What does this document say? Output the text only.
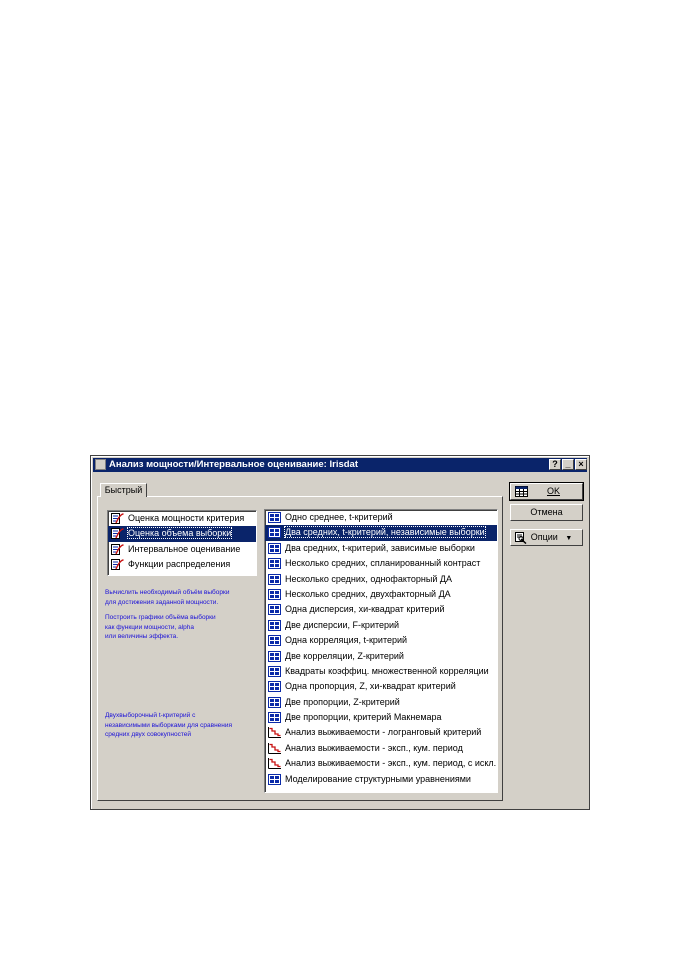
Анализ мощности/Интервальное оценивание: Irisdat	? _ ×
Быстрый
Оценка мощности критерия
Оценка объема выборки
Интервальное оценивание
Функции распределения
Вычислить необходимый объём выборки
для достижения заданной мощности.
Построить графики объёма выборки
как функции мощности, alpha
или величины эффекта.
Двухвыборочный t-критерий с
независимыми выборками для сравнения
средних двух совокупностей
Одно среднее, t-критерий
Два средних, t-критерий, независимые выборки
Два средних, t-критерий, зависимые выборки
Несколько средних, спланированный контраст
Несколько средних, однофакторный ДА
Несколько средних, двухфакторный ДА
Одна дисперсия, хи-квадрат критерий
Две дисперсии, F-критерий
Одна корреляция, t-критерий
Две корреляции, Z-критерий
Квадраты коэффиц. множественной корреляции
Одна пропорция, Z, хи-квадрат критерий
Две пропорции, Z-критерий
Две пропорции, критерий Макнемара
Анализ выживаемости - логранговый критерий
Анализ выживаемости - эксп., кум. период
Анализ выживаемости - эксп., кум. период, с искл.
Моделирование структурными уравнениями
OK
Отмена
Опции ▼
